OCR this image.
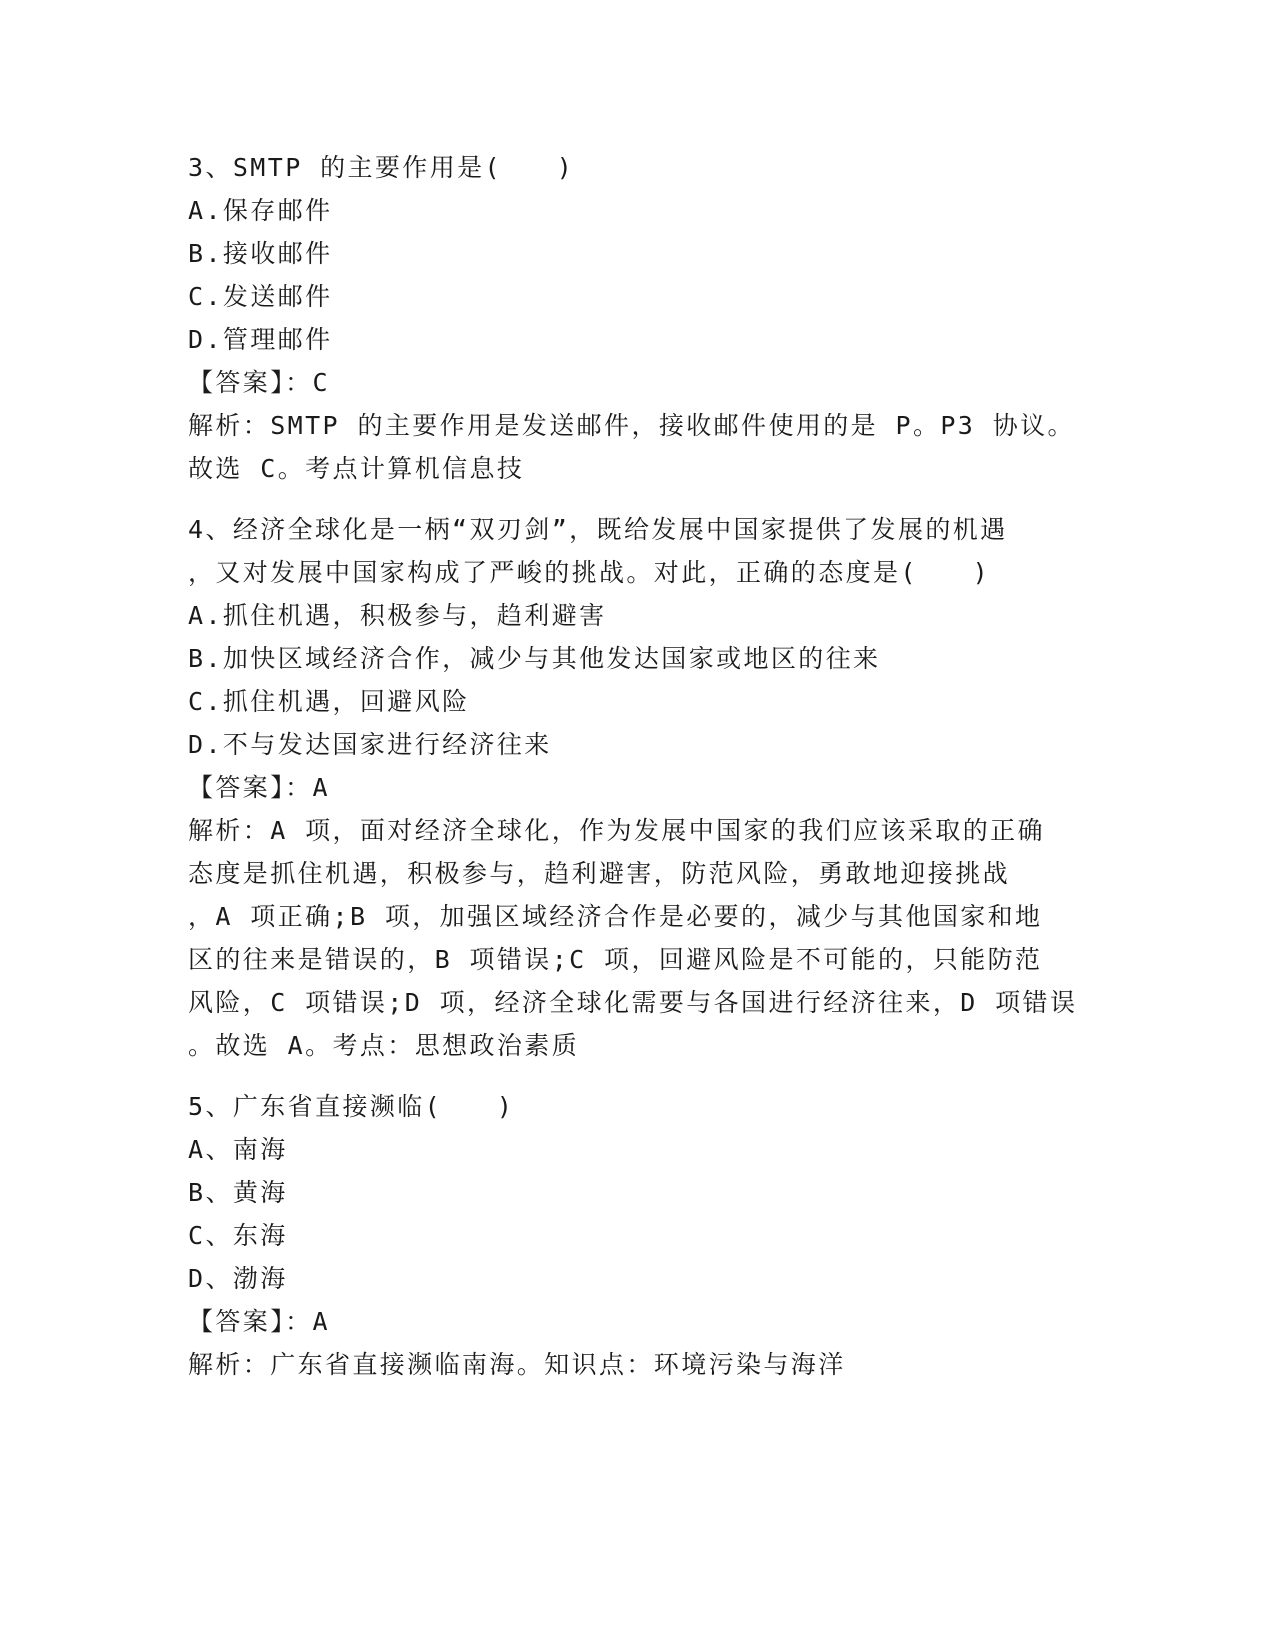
3、SMTP 的主要作用是(　　)
A.保存邮件
B.接收邮件
C.发送邮件
D.管理邮件
【答案】：C
解析：SMTP 的主要作用是发送邮件，接收邮件使用的是 P。P3 协议。
故选 C。考点计算机信息技
4、经济全球化是一柄“双刃剑”，既给发展中国家提供了发展的机遇
，又对发展中国家构成了严峻的挑战。对此，正确的态度是(　　)
A.抓住机遇，积极参与，趋利避害
B.加快区域经济合作，减少与其他发达国家或地区的往来
C.抓住机遇，回避风险
D.不与发达国家进行经济往来
【答案】：A
解析：A 项，面对经济全球化，作为发展中国家的我们应该采取的正确
态度是抓住机遇，积极参与，趋利避害，防范风险，勇敢地迎接挑战
，A 项正确;B 项，加强区域经济合作是必要的，减少与其他国家和地
区的往来是错误的，B 项错误;C 项，回避风险是不可能的，只能防范
风险，C 项错误;D 项，经济全球化需要与各国进行经济往来，D 项错误
。故选 A。考点：思想政治素质
5、广东省直接濒临(　　)
A、南海
B、黄海
C、东海
D、渤海
【答案】：A
解析：广东省直接濒临南海。知识点：环境污染与海洋
